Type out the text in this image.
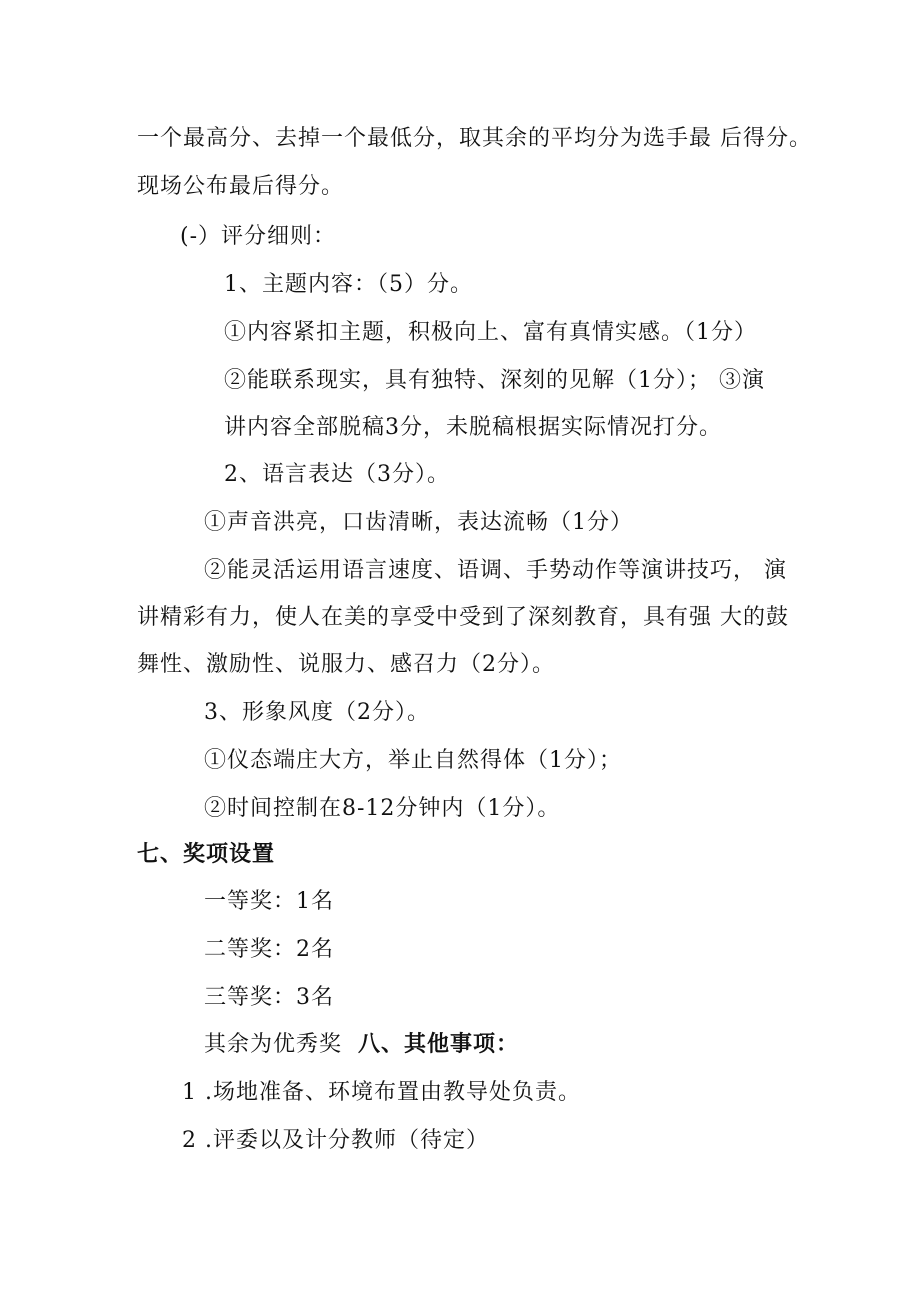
一个最高分、去掉一个最低分，取其余的平均分为选手最 后得分。
现场公布最后得分。
(-）评分细则：
1、主题内容：（5）分。
①内容紧扣主题，积极向上、富有真情实感。（1分）
②能联系现实，具有独特、深刻的见解（1分）； ③演
讲内容全部脱稿3分，未脱稿根据实际情况打分。
2、语言表达（3分）。
①声音洪亮，口齿清晰，表达流畅（1分）
②能灵活运用语言速度、语调、手势动作等演讲技巧， 演
讲精彩有力，使人在美的享受中受到了深刻教育，具有强 大的鼓
舞性、激励性、说服力、感召力（2分）。
3、形象风度（2分）。
①仪态端庄大方，举止自然得体（1分）；
②时间控制在8-12分钟内（1分）。
七、奖项设置
一等奖：1名
二等奖：2名
三等奖：3名
其余为优秀奖 八、其他事项：
1 .场地准备、环境布置由教导处负责。
2 .评委以及计分教师（待定）
